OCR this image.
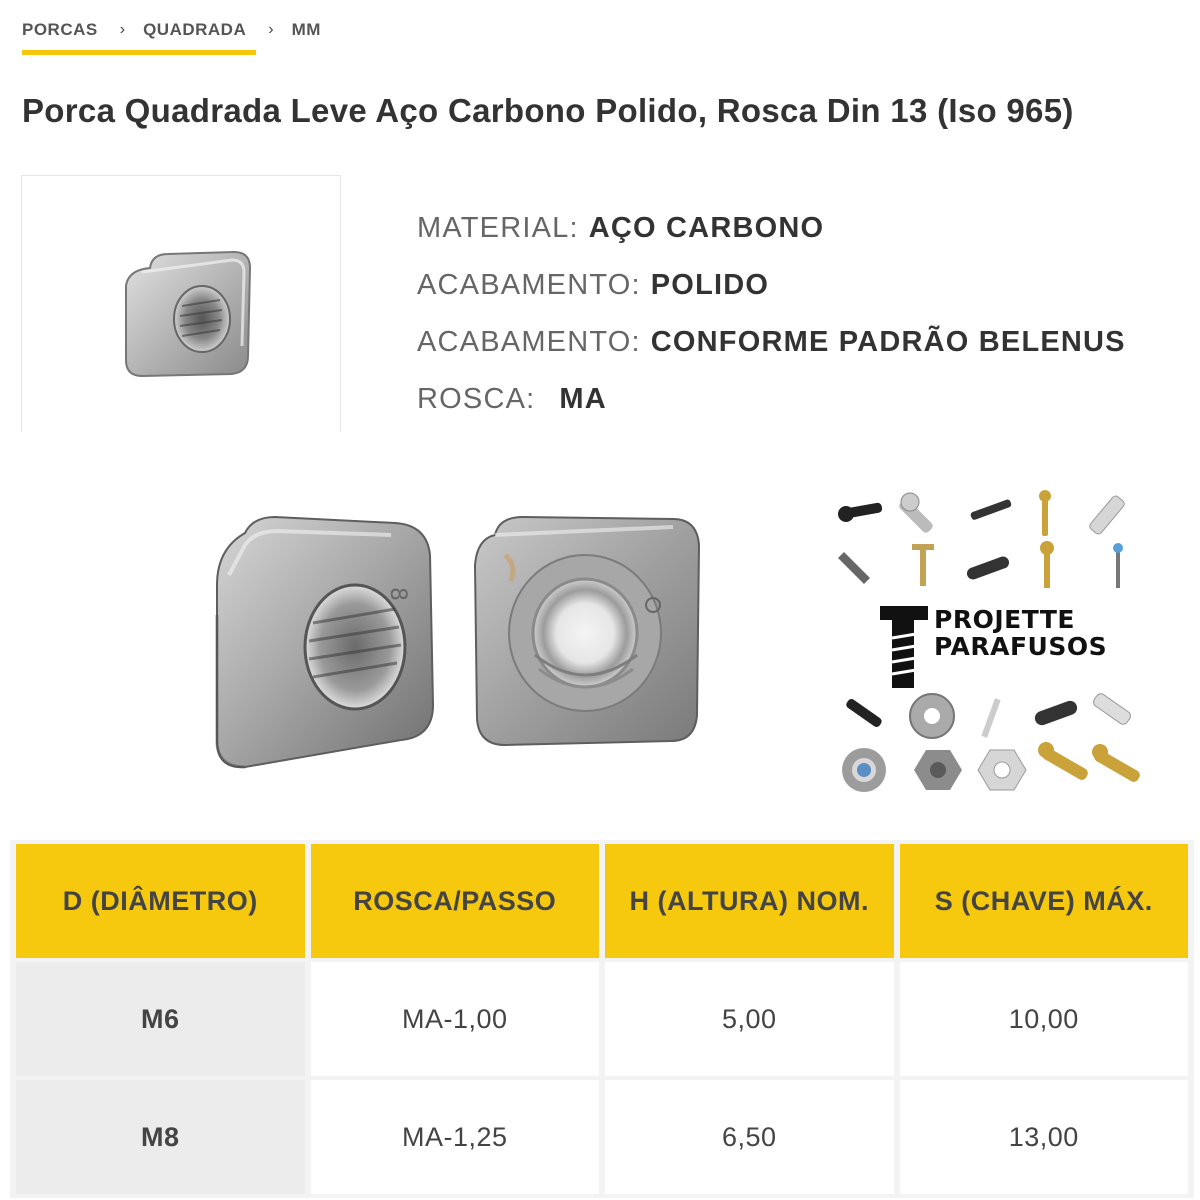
PORCAS › QUADRADA › MM
Porca Quadrada Leve Aço Carbono Polido, Rosca Din 13 (Iso 965)
MATERIAL: AÇO CARBONO
ACABAMENTO: POLIDO
ACABAMENTO: CONFORME PADRÃO BELENUS
ROSCA: MA
8
PROJETTE
PARAFUSOS
D (DIÂMETRO)	ROSCA/PASSO	H (ALTURA) NOM.	S (CHAVE) MÁX.
M6	MA-1,00	5,00	10,00
M8	MA-1,25	6,50	13,00
